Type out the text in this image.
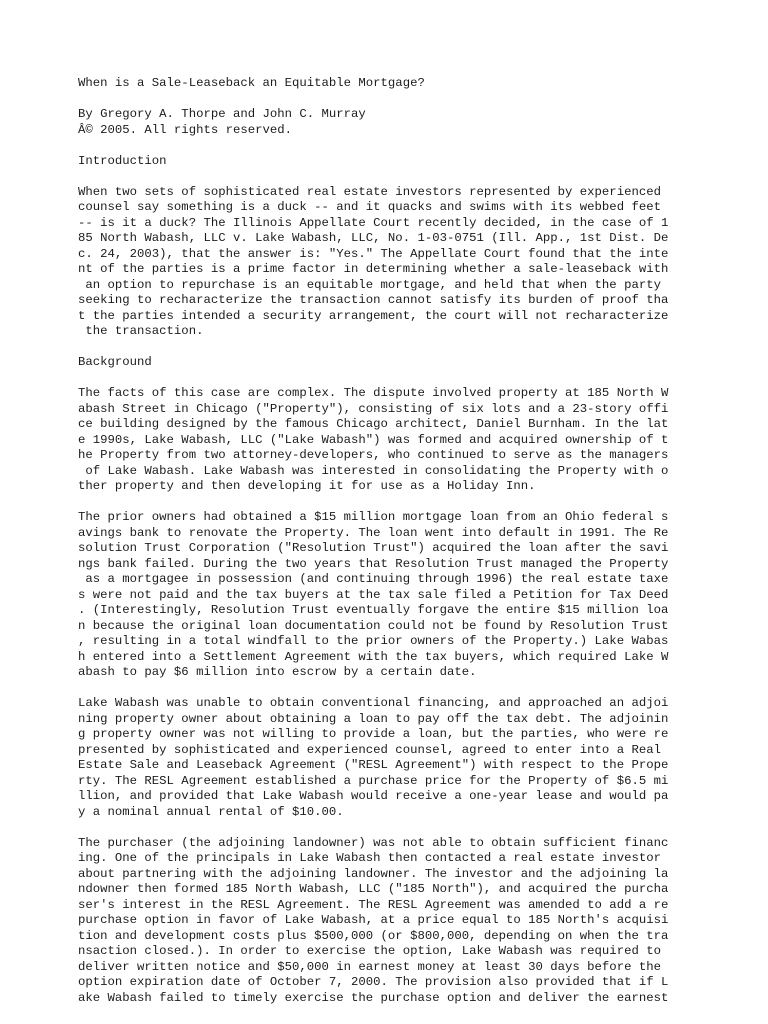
When is a Sale-Leaseback an Equitable Mortgage?
By Gregory A. Thorpe and John C. Murray
Â© 2005. All rights reserved.
Introduction
When two sets of sophisticated real estate investors represented by experienced
counsel say something is a duck -- and it quacks and swims with its webbed feet
-- is it a duck? The Illinois Appellate Court recently decided, in the case of 1
85 North Wabash, LLC v. Lake Wabash, LLC, No. 1-03-0751 (Ill. App., 1st Dist. De
c. 24, 2003), that the answer is: "Yes." The Appellate Court found that the inte
nt of the parties is a prime factor in determining whether a sale-leaseback with
an option to repurchase is an equitable mortgage, and held that when the party
seeking to recharacterize the transaction cannot satisfy its burden of proof tha
t the parties intended a security arrangement, the court will not recharacterize
the transaction.
Background
The facts of this case are complex. The dispute involved property at 185 North W
abash Street in Chicago ("Property"), consisting of six lots and a 23-story offi
ce building designed by the famous Chicago architect, Daniel Burnham. In the lat
e 1990s, Lake Wabash, LLC ("Lake Wabash") was formed and acquired ownership of t
he Property from two attorney-developers, who continued to serve as the managers
of Lake Wabash. Lake Wabash was interested in consolidating the Property with o
ther property and then developing it for use as a Holiday Inn.
The prior owners had obtained a $15 million mortgage loan from an Ohio federal s
avings bank to renovate the Property. The loan went into default in 1991. The Re
solution Trust Corporation ("Resolution Trust") acquired the loan after the savi
ngs bank failed. During the two years that Resolution Trust managed the Property
as a mortgagee in possession (and continuing through 1996) the real estate taxe
s were not paid and the tax buyers at the tax sale filed a Petition for Tax Deed
. (Interestingly, Resolution Trust eventually forgave the entire $15 million loa
n because the original loan documentation could not be found by Resolution Trust
, resulting in a total windfall to the prior owners of the Property.) Lake Wabas
h entered into a Settlement Agreement with the tax buyers, which required Lake W
abash to pay $6 million into escrow by a certain date.
Lake Wabash was unable to obtain conventional financing, and approached an adjoi
ning property owner about obtaining a loan to pay off the tax debt. The adjoinin
g property owner was not willing to provide a loan, but the parties, who were re
presented by sophisticated and experienced counsel, agreed to enter into a Real
Estate Sale and Leaseback Agreement ("RESL Agreement") with respect to the Prope
rty. The RESL Agreement established a purchase price for the Property of $6.5 mi
llion, and provided that Lake Wabash would receive a one-year lease and would pa
y a nominal annual rental of $10.00.
The purchaser (the adjoining landowner) was not able to obtain sufficient financ
ing. One of the principals in Lake Wabash then contacted a real estate investor
about partnering with the adjoining landowner. The investor and the adjoining la
ndowner then formed 185 North Wabash, LLC ("185 North"), and acquired the purcha
ser's interest in the RESL Agreement. The RESL Agreement was amended to add a re
purchase option in favor of Lake Wabash, at a price equal to 185 North's acquisi
tion and development costs plus $500,000 (or $800,000, depending on when the tra
nsaction closed.). In order to exercise the option, Lake Wabash was required to
deliver written notice and $50,000 in earnest money at least 30 days before the
option expiration date of October 7, 2000. The provision also provided that if L
ake Wabash failed to timely exercise the purchase option and deliver the earnest
